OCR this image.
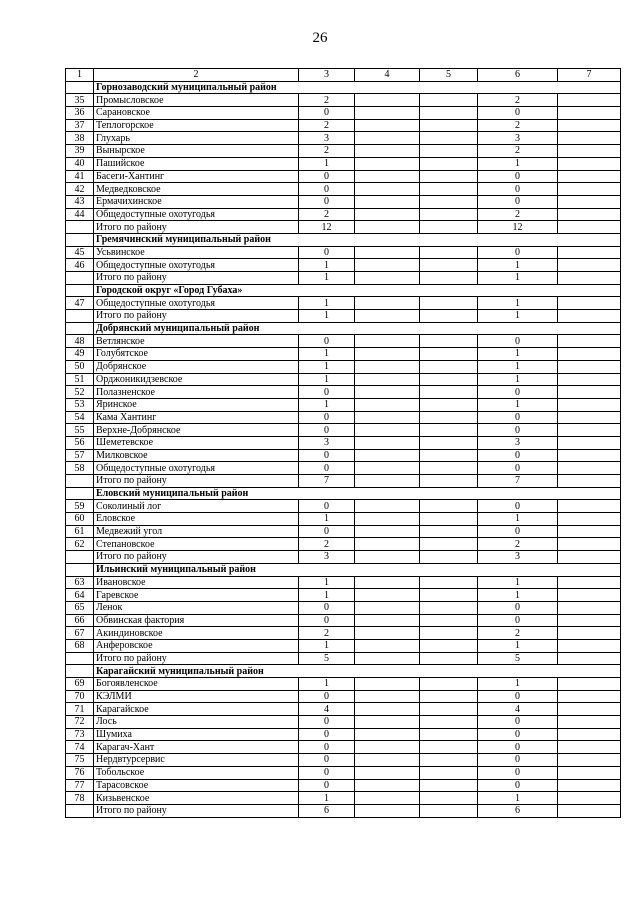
26
1	2	3	4	5	6	7
	Горнозаводский муниципальный район					
35	Промысловское	2			2	
36	Сарановское	0			0	
37	Теплогорское	2			2	
38	Глухарь	3			3	
39	Вынырское	2			2	
40	Пашийское	1			1	
41	Басеги-Хантинг	0			0	
42	Медведковское	0			0	
43	Ермачихинское	0			0	
44	Общедоступные охотугодья	2			2	
	Итого по району	12			12	
	Гремячинский муниципальный район					
45	Усьвинское	0			0	
46	Общедоступные охотугодья	1			1	
	Итого по району	1			1	
	Городской округ «Город Губаха»					
47	Общедоступные охотугодья	1			1	
	Итого по району	1			1	
	Добрянский муниципальный район					
48	Ветлянское	0			0	
49	Голубятское	1			1	
50	Добрянское	1			1	
51	Орджоникидзевское	1			1	
52	Полазненское	0			0	
53	Яринское	1			1	
54	Кама Хантинг	0			0	
55	Верхне-Добрянское	0			0	
56	Шеметевское	3			3	
57	Милковское	0			0	
58	Общедоступные охотугодья	0			0	
	Итого по району	7			7	
	Еловский муниципальный район					
59	Соколиный лог	0			0	
60	Еловское	1			1	
61	Медвежий угол	0			0	
62	Степановское	2			2	
	Итого по району	3			3	
	Ильинский муниципальный район					
63	Ивановское	1			1	
64	Гаревское	1			1	
65	Ленок	0			0	
66	Обвинская фактория	0			0	
67	Акиндиновское	2			2	
68	Анферовское	1			1	
	Итого по району	5			5	
	Карагайский муниципальный район					
69	Богоявленское	1			1	
70	КЭЛМИ	0			0	
71	Карагайское	4			4	
72	Лось	0			0	
73	Шумиха	0			0	
74	Карагач-Хант	0			0	
75	Нердвтурсервис	0			0	
76	Тобольское	0			0	
77	Тарасовское	0			0	
78	Кизьвенское	1			1	
	Итого по району	6			6	
